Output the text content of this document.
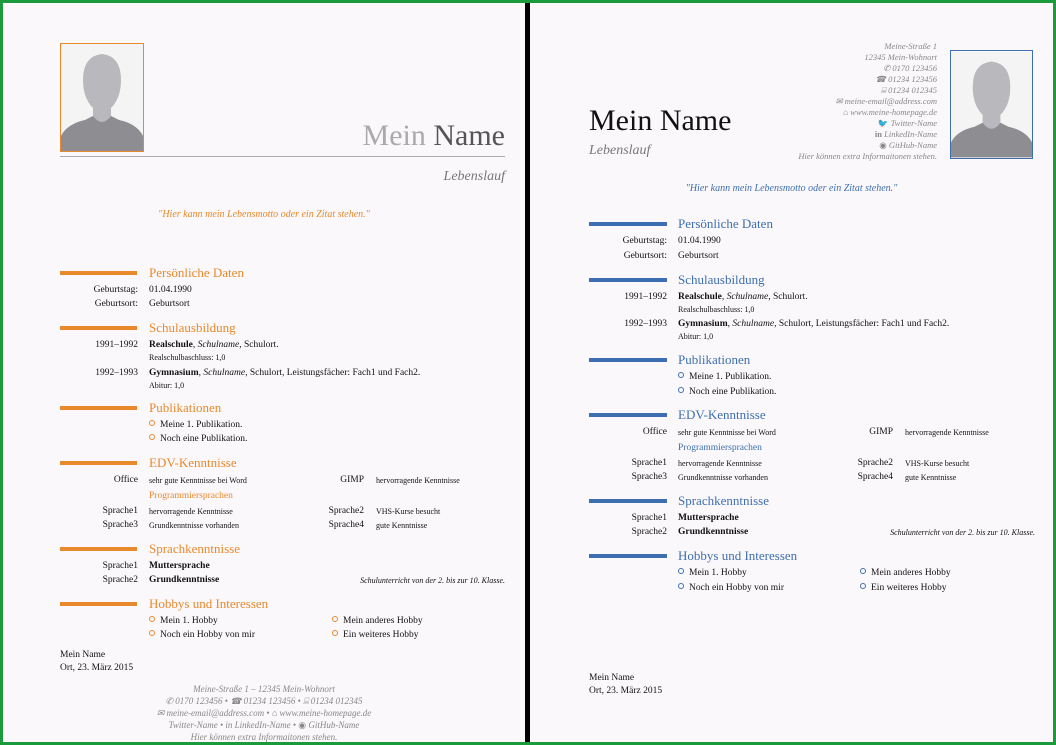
Mein Name
Lebenslauf
"Hier kann mein Lebensmotto oder ein Zitat stehen."
Persönliche Daten
Geburtstag: 01.04.1990
Geburtsort: Geburtsort
Schulausbildung
1991–1992 Realschule, Schulname, Schulort.
Realschulbaschluss: 1,0
1992–1993 Gymnasium, Schulname, Schulort, Leistungsfächer: Fach1 und Fach2.
Abitur: 1,0
Publikationen
Meine 1. Publikation.
Noch eine Publikation.
EDV-Kenntnisse
Office sehr gute Kenntnisse bei Word	GIMP hervorragende Kenntnisse
Programmiersprachen
Sprache1 hervorragende Kenntnisse	Sprache2 VHS-Kurse besucht
Sprache3 Grundkenntnisse vorhanden	Sprache4 gute Kenntnisse
Sprachkenntnisse
Sprache1 Muttersprache
Sprache2 Grundkenntnisse	Schulunterricht von der 2. bis zur 10. Klasse.
Hobbys und Interessen
Mein 1. Hobby	Mein anderes Hobby
Noch ein Hobby von mir	Ein weiteres Hobby
Mein Name
Ort, 23. März 2015
Meine-Straße 1 – 12345 Mein-Wohnort
✆ 0170 123456 • ☎ 01234 123456 • ⌸ 01234 012345
✉ meine-email@address.com • ⌂ www.meine-homepage.de
Twitter-Name • in LinkedIn-Name • ◉ GitHub-Name
Hier können extra Informaitonen stehen.
Mein Name
Lebenslauf
Meine-Straße 1
12345 Mein-Wohnort
✆ 0170 123456
☎ 01234 123456
⌸ 01234 012345
✉ meine-email@address.com
⌂ www.meine-homepage.de
🐦 Twitter-Name
in LinkedIn-Name
◉ GitHub-Name
Hier können extra Informaitonen stehen.
"Hier kann mein Lebensmotto oder ein Zitat stehen."
Persönliche Daten
Geburtstag: 01.04.1990
Geburtsort: Geburtsort
Schulausbildung
1991–1992 Realschule, Schulname, Schulort.
Realschulbaschluss: 1,0
1992–1993 Gymnasium, Schulname, Schulort, Leistungsfächer: Fach1 und Fach2.
Abitur: 1,0
Publikationen
Meine 1. Publikation.
Noch eine Publikation.
EDV-Kenntnisse
Office sehr gute Kenntnisse bei Word	GIMP hervorragende Kenntnisse
Programmiersprachen
Sprache1 hervorragende Kenntnisse	Sprache2 VHS-Kurse besucht
Sprache3 Grundkenntnisse vorhanden	Sprache4 gute Kenntnisse
Sprachkenntnisse
Sprache1 Muttersprache
Sprache2 Grundkenntnisse	Schulunterricht von der 2. bis zur 10. Klasse.
Hobbys und Interessen
Mein 1. Hobby	Mein anderes Hobby
Noch ein Hobby von mir	Ein weiteres Hobby
Mein Name
Ort, 23. März 2015
